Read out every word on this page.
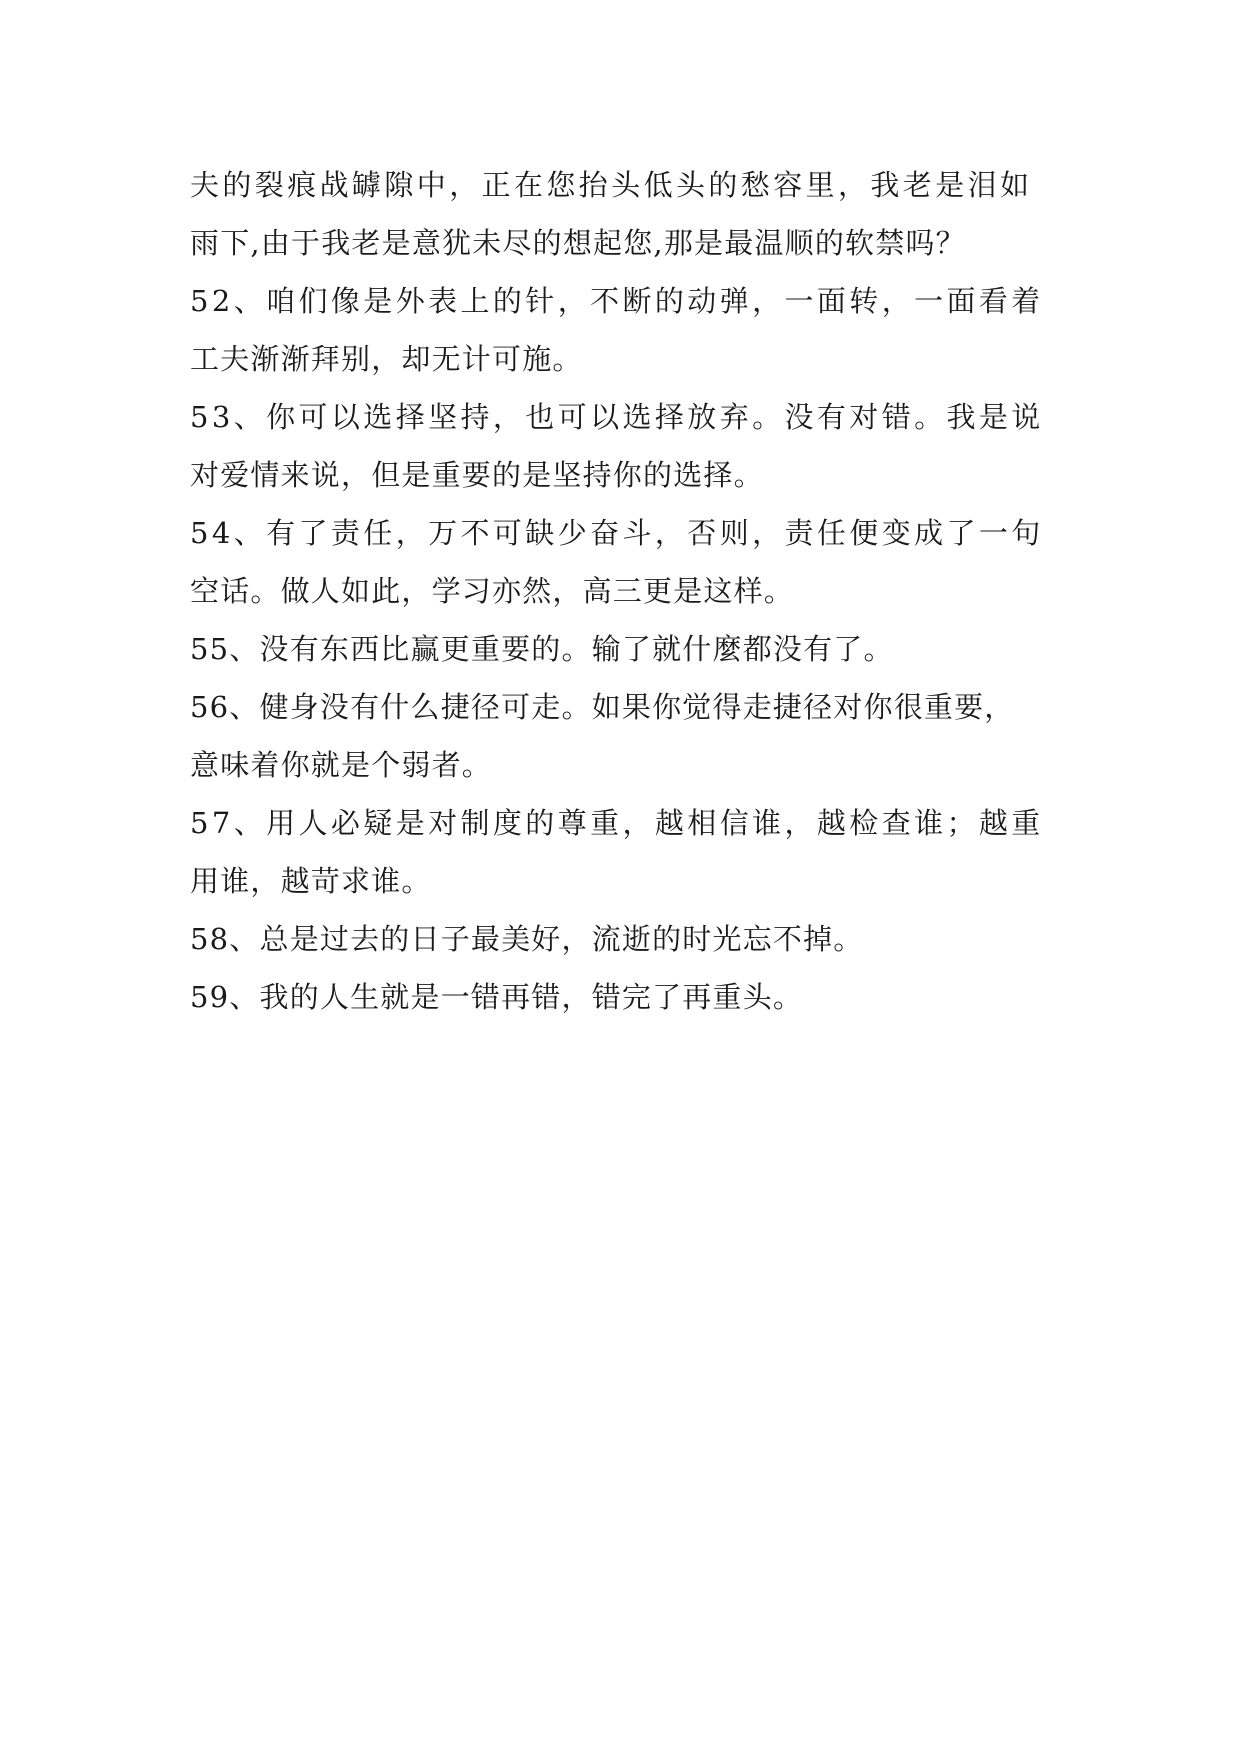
夫的裂痕战罅隙中，正在您抬头低头的愁容里，我老是泪如
雨下,由于我老是意犹未尽的想起您,那是最温顺的软禁吗？
52、咱们像是外表上的针，不断的动弹，一面转，一面看着
工夫渐渐拜别，却无计可施。
53、你可以选择坚持，也可以选择放弃。没有对错。我是说
对爱情来说，但是重要的是坚持你的选择。
54、有了责任，万不可缺少奋斗，否则，责任便变成了一句
空话。做人如此，学习亦然，高三更是这样。
55、没有东西比赢更重要的。输了就什麼都没有了。
56、健身没有什么捷径可走。如果你觉得走捷径对你很重要，
意味着你就是个弱者。
57、用人必疑是对制度的尊重，越相信谁，越检查谁；越重
用谁，越苛求谁。
58、总是过去的日子最美好，流逝的时光忘不掉。
59、我的人生就是一错再错，错完了再重头。
